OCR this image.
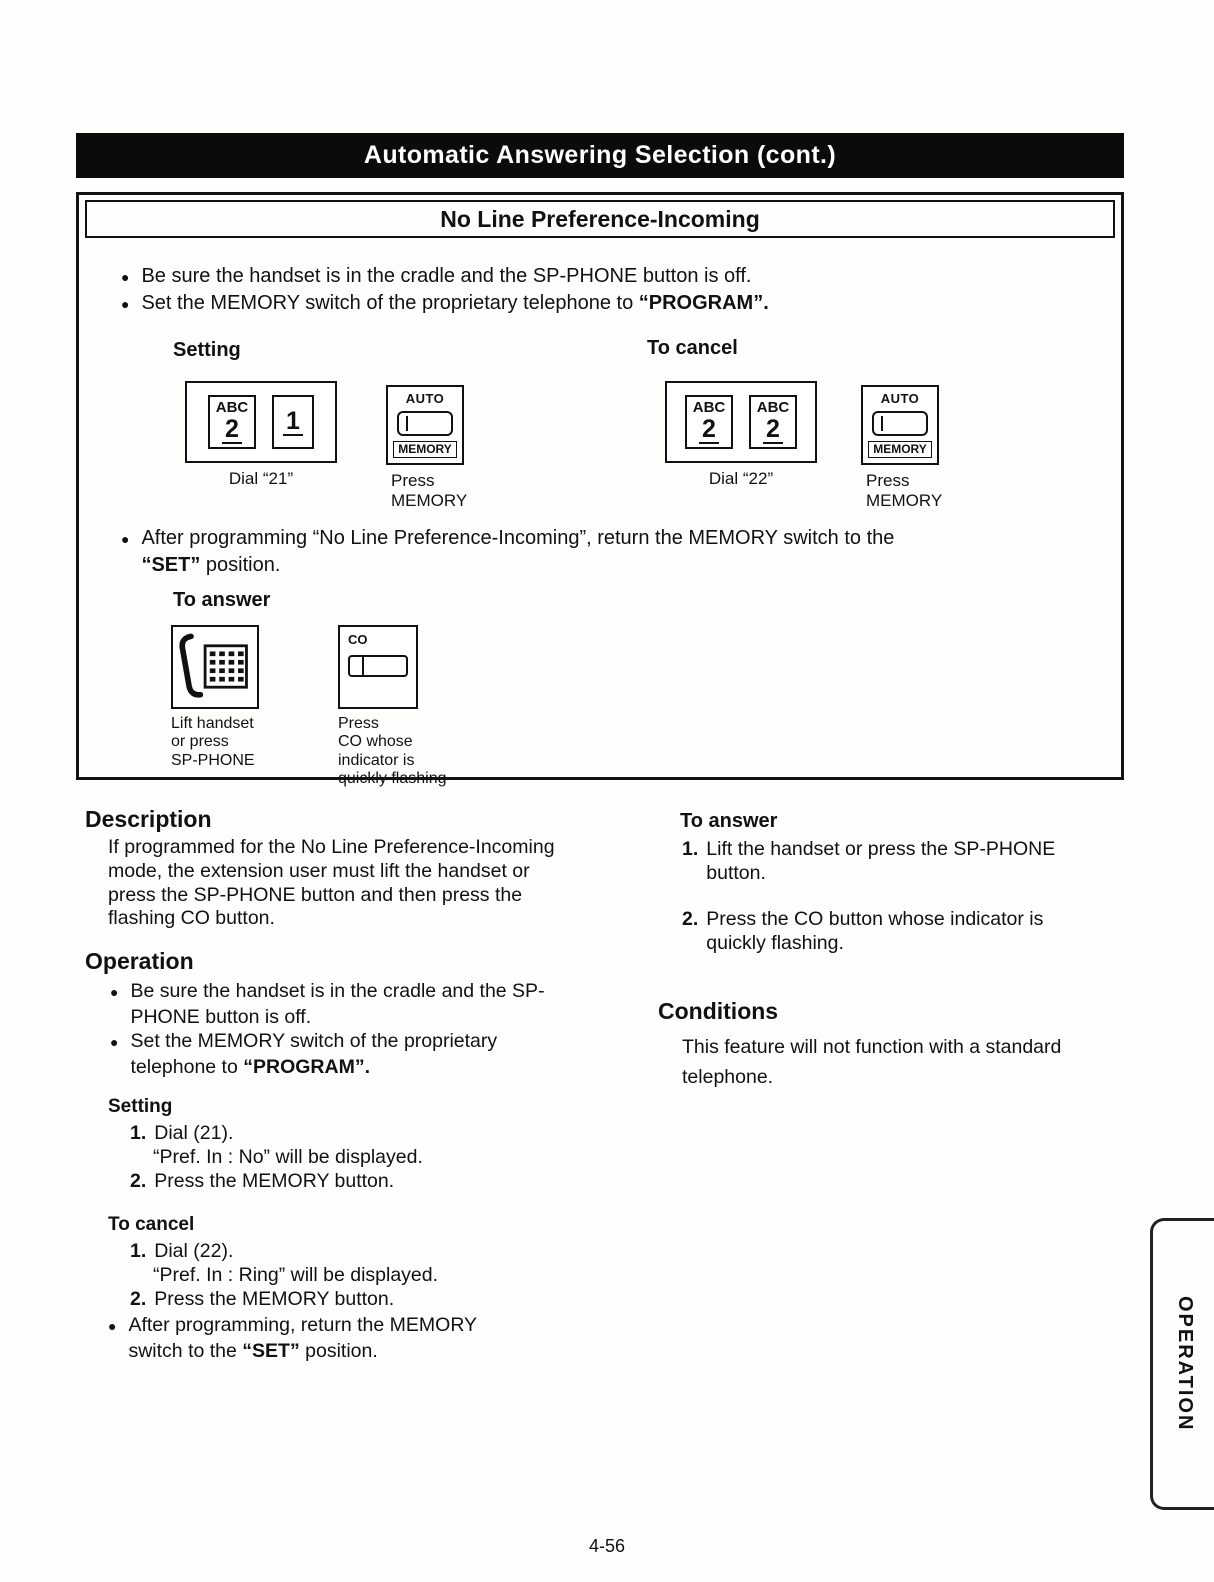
Automatic Answering Selection (cont.)
No Line Preference-Incoming
● Be sure the handset is in the cradle and the SP-PHONE button is off.
● Set the MEMORY switch of the proprietary telephone to “PROGRAM”.
Setting	To cancel
ABC
2 1
Dial “21”
AUTO
MEMORY
Press
MEMORY
ABC
2
ABC
2
Dial “22”
AUTO
MEMORY
Press
MEMORY
● After programming “No Line Preference-Incoming”, return the MEMORY switch to the
“SET” position.
To answer
Lift handset
or press
SP-PHONE
CO
Press
CO whose
indicator is
quickly flashing
Description
If programmed for the No Line Preference-Incoming mode, the extension user must lift the handset or press the SP-PHONE button and then press the flashing CO button.
To answer
1. Lift the handset or press the SP-PHONE button.
2. Press the CO button whose indicator is quickly flashing.
Operation
● Be sure the handset is in the cradle and the SP-PHONE button is off.
● Set the MEMORY switch of the proprietary telephone to “PROGRAM”.
Conditions
This feature will not function with a standard telephone.
Setting
1. Dial (21).
“Pref. In : No” will be displayed.
2. Press the MEMORY button.
To cancel
1. Dial (22).
“Pref. In : Ring” will be displayed.
2. Press the MEMORY button.
● After programming, return the MEMORY switch to the “SET” position.	OPERATION
4-56
